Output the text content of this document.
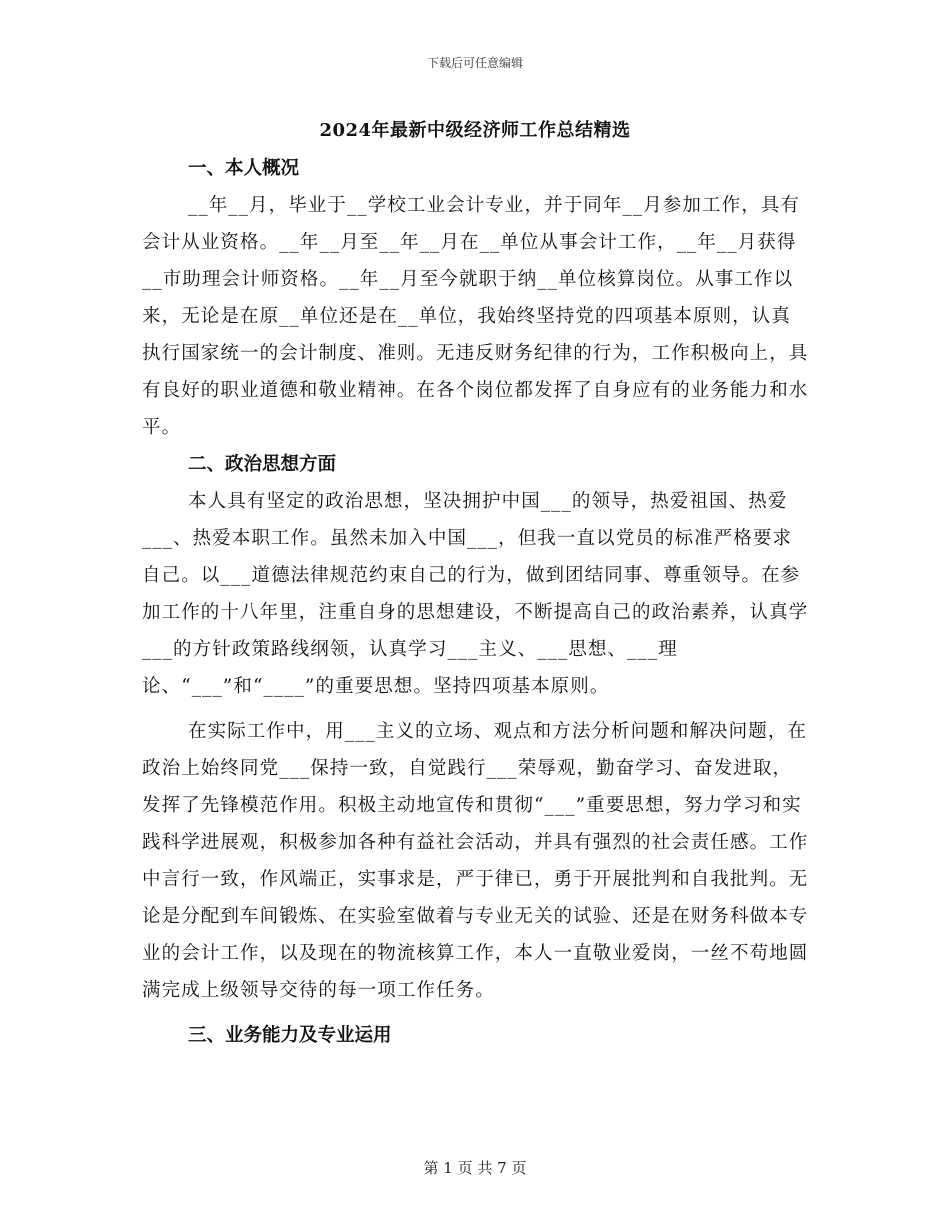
下载后可任意编辑
2024年最新中级经济师工作总结精选

一、本人概况

__年__月，毕业于__学校工业会计专业，并于同年__月参加工作，具有会计从业资格。__年__月至__年__月在__单位从事会计工作，__年__月获得__市助理会计师资格。__年__月至今就职于纳__单位核算岗位。从事工作以来，无论是在原__单位还是在__单位，我始终坚持党的四项基本原则，认真执行国家统一的会计制度、准则。无违反财务纪律的行为，工作积极向上，具有良好的职业道德和敬业精神。在各个岗位都发挥了自身应有的业务能力和水平。

二、政治思想方面

本人具有坚定的政治思想，坚决拥护中国___的领导，热爱祖国、热爱___、热爱本职工作。虽然未加入中国___，但我一直以党员的标准严格要求自己。以___道德法律规范约束自己的行为，做到团结同事、尊重领导。在参加工作的十八年里，注重自身的思想建设，不断提高自己的政治素养，认真学___的方针政策路线纲领，认真学习___主义、___思想、___理论、“___”和“____”的重要思想。坚持四项基本原则。

在实际工作中，用___主义的立场、观点和方法分析问题和解决问题，在政治上始终同党___保持一致，自觉践行___荣辱观，勤奋学习、奋发进取，发挥了先锋模范作用。积极主动地宣传和贯彻“___”重要思想，努力学习和实践科学进展观，积极参加各种有益社会活动，并具有强烈的社会责任感。工作中言行一致，作风端正，实事求是，严于律已，勇于开展批判和自我批判。无论是分配到车间锻炼、在实验室做着与专业无关的试验、还是在财务科做本专业的会计工作，以及现在的物流核算工作，本人一直敬业爱岗，一丝不苟地圆满完成上级领导交待的每一项工作任务。

三、业务能力及专业运用

第 1 页 共 7 页
